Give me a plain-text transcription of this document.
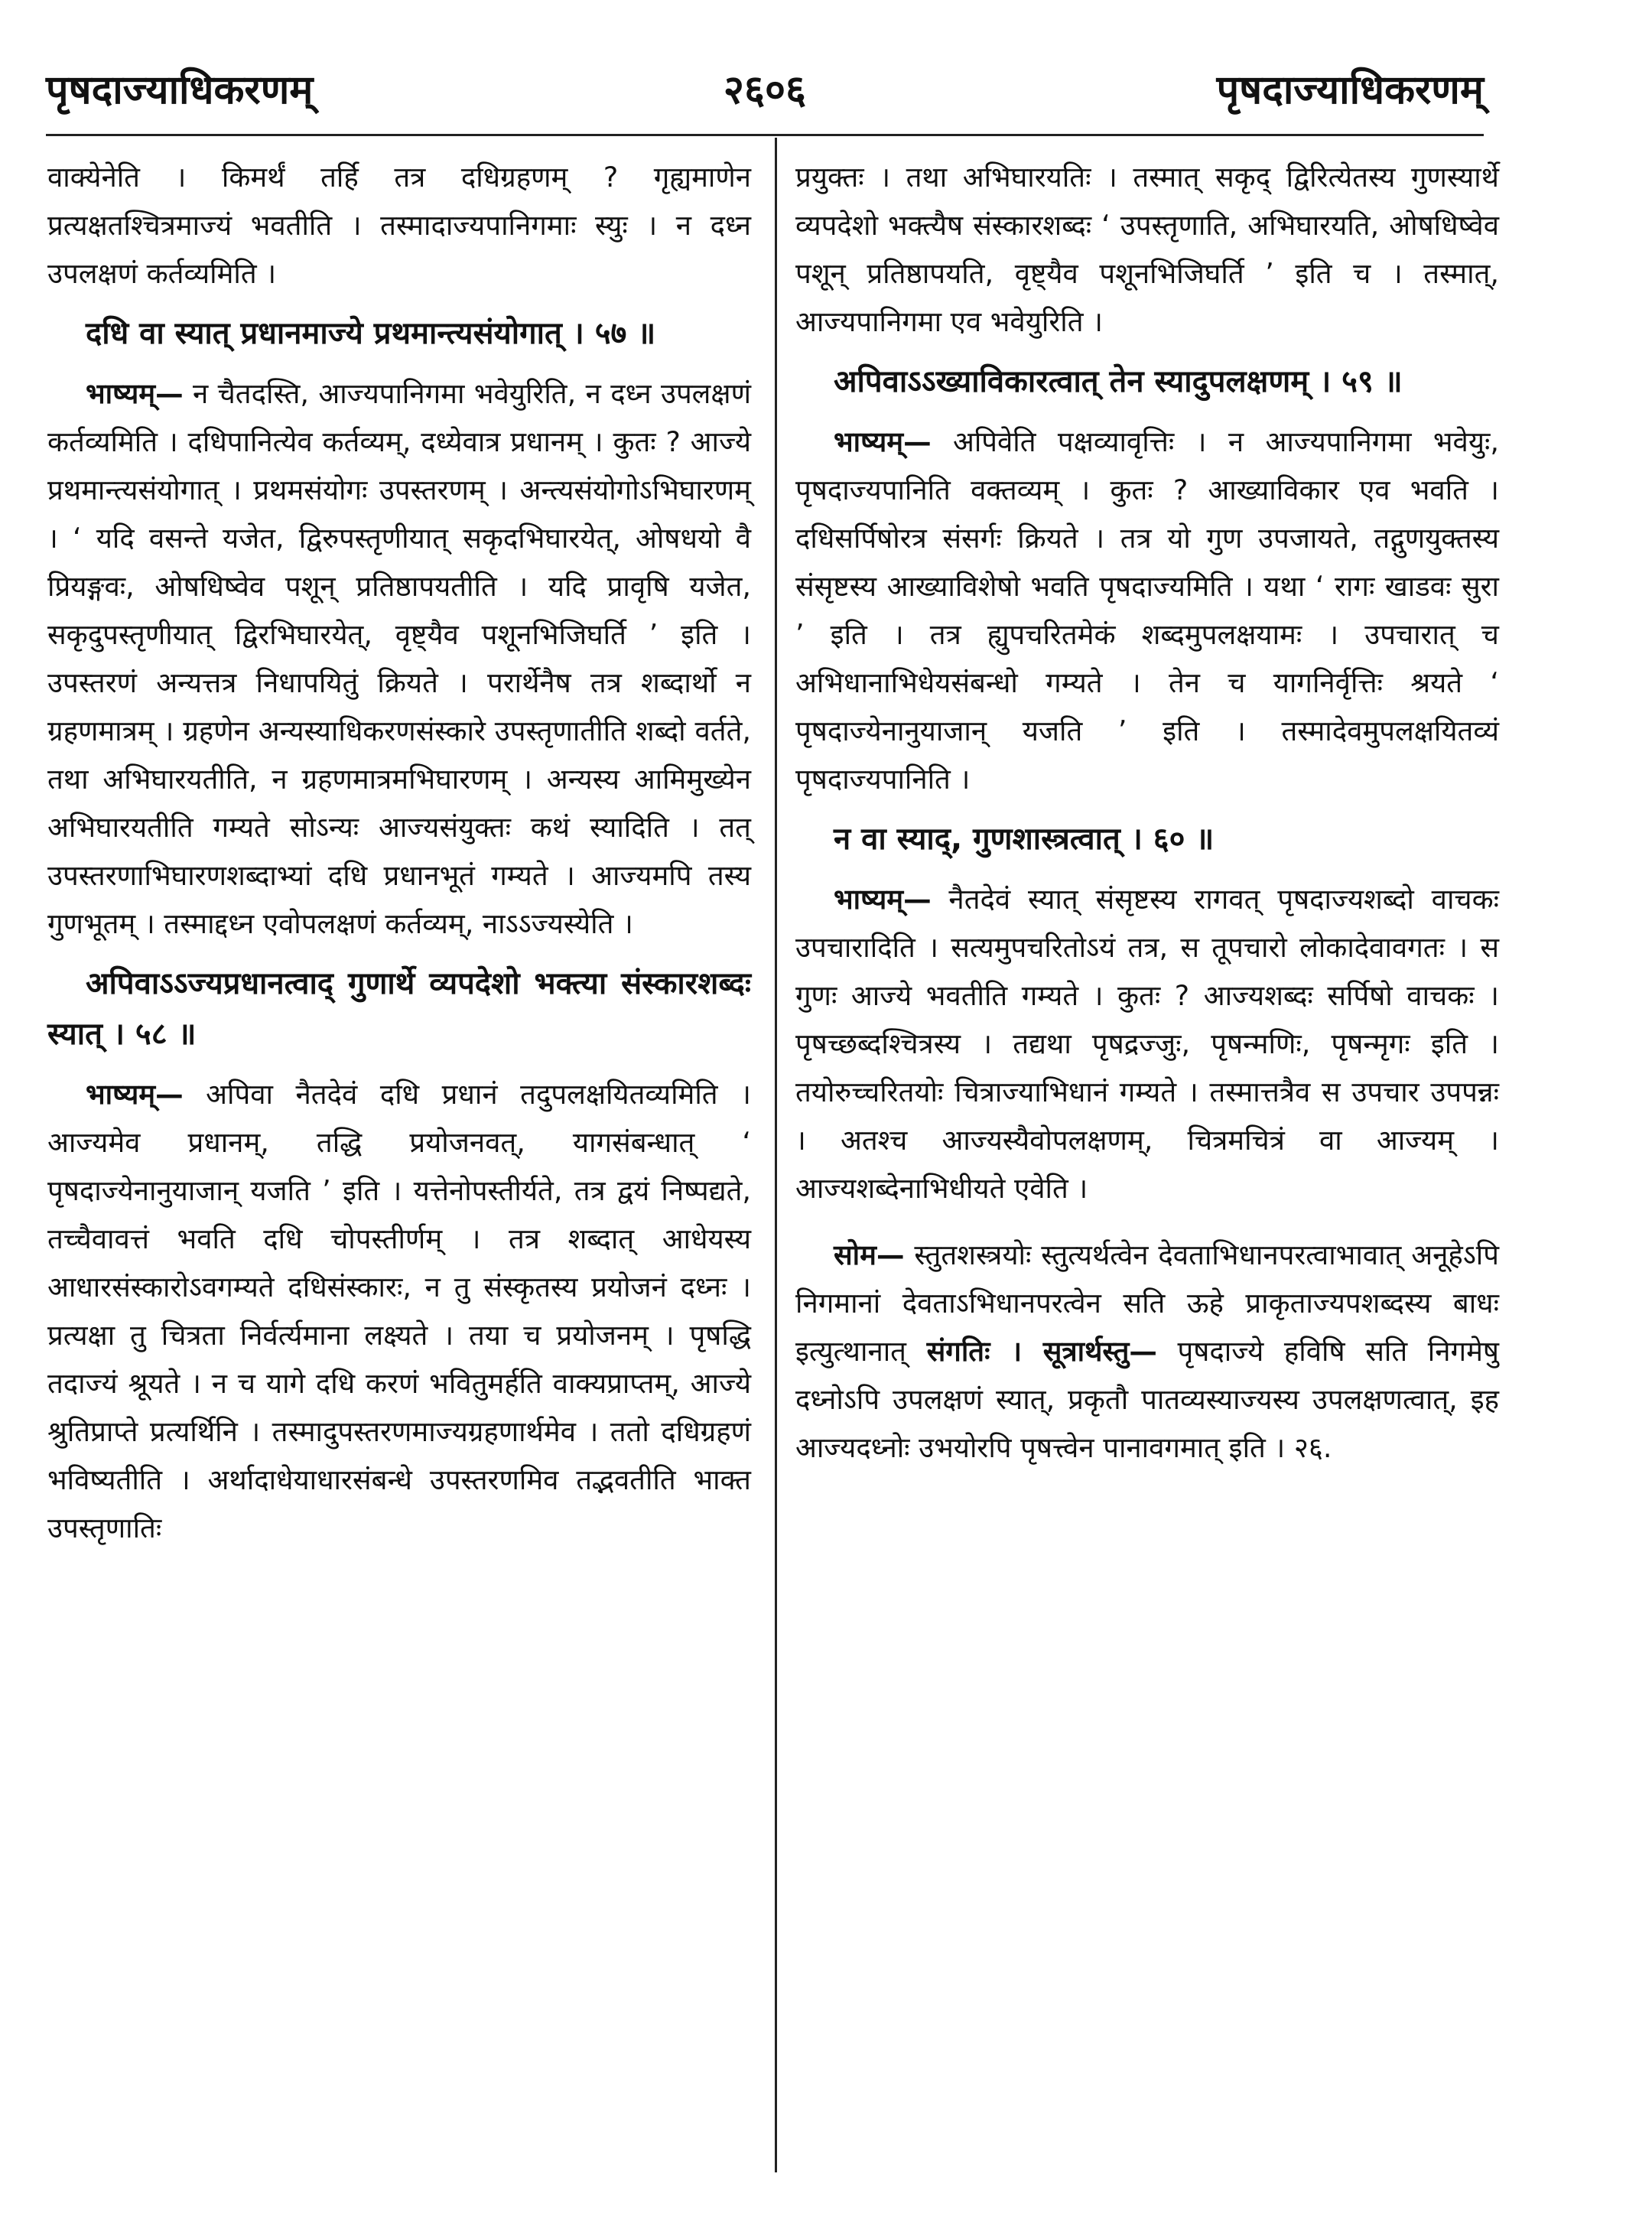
पृषदाज्याधिकरणम्	२६०६	पृषदाज्याधिकरणम्

वाक्येनेति । किमर्थं तर्हि तत्र दधिग्रहणम् ? गृह्यमाणेन प्रत्यक्षतश्चित्रमाज्यं भवतीति । तस्मादाज्यपानिगमाः स्युः । न दध्न उपलक्षणं कर्तव्यमिति ।

दधि वा स्यात् प्रधानमाज्ये प्रथमान्त्यसंयोगात् । ५७ ॥

भाष्यम्— न चैतदस्ति, आज्यपानिगमा भवेयुरिति, न दध्न उपलक्षणं कर्तव्यमिति । दधिपानित्येव कर्तव्यम्, दध्येवात्र प्रधानम् । कुतः ? आज्ये प्रथमान्त्यसंयोगात् । प्रथमसंयोगः उपस्तरणम् । अन्त्यसंयोगोऽभिघारणम् । ‘ यदि वसन्ते यजेत, द्विरुपस्तृणीयात् सकृदभिघारयेत्, ओषधयो वै प्रियङ्गवः, ओषधिष्वेव पशून् प्रतिष्ठापयतीति । यदि प्रावृषि यजेत, सकृदुपस्तृणीयात् द्विरभिघारयेत्, वृष्ट्यैव पशूनभिजिघर्ति ’ इति । उपस्तरणं अन्यत्तत्र निधापयितुं क्रियते । परार्थेनैष तत्र शब्दार्थो न ग्रहणमात्रम् । ग्रहणेन अन्यस्याधिकरणसंस्कारे उपस्तृणातीति शब्दो वर्तते, तथा अभिघारयतीति, न ग्रहणमात्रमभिघारणम् । अन्यस्य आमिमुख्येन अभिघारयतीति गम्यते सोऽन्यः आज्यसंयुक्तः कथं स्यादिति । तत् उपस्तरणाभिघारणशब्दाभ्यां दधि प्रधानभूतं गम्यते । आज्यमपि तस्य गुणभूतम् । तस्माद्दध्न एवोपलक्षणं कर्तव्यम्, नाऽऽज्यस्येति ।

अपिवाऽऽज्यप्रधानत्वाद् गुणार्थे व्यपदेशो भक्त्या संस्कारशब्दः स्यात् । ५८ ॥

भाष्यम्— अपिवा नैतदेवं दधि प्रधानं तदुपलक्षयितव्यमिति । आज्यमेव प्रधानम्, तद्धि प्रयोजनवत्, यागसंबन्धात् ‘ पृषदाज्येनानुयाजान् यजति ’ इति । यत्तेनोपस्तीर्यते, तत्र द्वयं निष्पद्यते, तच्चैवावत्तं भवति दधि चोपस्तीर्णम् । तत्र शब्दात् आधेयस्य आधारसंस्कारोऽवगम्यते दधिसंस्कारः, न तु संस्कृतस्य प्रयोजनं दध्नः । प्रत्यक्षा तु चित्रता निर्वर्त्यमाना लक्ष्यते । तया च प्रयोजनम् । पृषद्धि तदाज्यं श्रूयते । न च यागे दधि करणं भवितुमर्हति वाक्यप्राप्तम्, आज्ये श्रुतिप्राप्ते प्रत्यर्थिनि । तस्मादुपस्तरणमाज्यग्रहणार्थमेव । ततो दधिग्रहणं भविष्यतीति । अर्थादाधेयाधारसंबन्धे उपस्तरणमिव तद्भवतीति भाक्त उपस्तृणातिः

प्रयुक्तः । तथा अभिघारयतिः । तस्मात् सकृद् द्विरित्येतस्य गुणस्यार्थे व्यपदेशो भक्त्यैष संस्कारशब्दः ‘ उपस्तृणाति, अभिघारयति, ओषधिष्वेव पशून् प्रतिष्ठापयति, वृष्ट्यैव पशूनभिजिघर्ति ’ इति च । तस्मात्, आज्यपानिगमा एव भवेयुरिति ।

अपिवाऽऽख्याविकारत्वात् तेन स्यादुपलक्षणम् । ५९ ॥

भाष्यम्— अपिवेति पक्षव्यावृत्तिः । न आज्यपानिगमा भवेयुः, पृषदाज्यपानिति वक्तव्यम् । कुतः ? आख्याविकार एव भवति । दधिसर्पिषोरत्र संसर्गः क्रियते । तत्र यो गुण उपजायते, तद्गुणयुक्तस्य संसृष्टस्य आख्याविशेषो भवति पृषदाज्यमिति । यथा ‘ रागः खाडवः सुरा ’ इति । तत्र ह्युपचरितमेकं शब्दमुपलक्षयामः । उपचारात् च अभिधानाभिधेयसंबन्धो गम्यते । तेन च यागनिर्वृत्तिः श्रयते ‘ पृषदाज्येनानुयाजान् यजति ’ इति । तस्मादेवमुपलक्षयितव्यं पृषदाज्यपानिति ।

न वा स्याद्, गुणशास्त्रत्वात् । ६० ॥

भाष्यम्— नैतदेवं स्यात् संसृष्टस्य रागवत् पृषदाज्यशब्दो वाचकः उपचारादिति । सत्यमुपचरितोऽयं तत्र, स तूपचारो लोकादेवावगतः । स गुणः आज्ये भवतीति गम्यते । कुतः ? आज्यशब्दः सर्पिषो वाचकः । पृषच्छब्दश्चित्रस्य । तद्यथा पृषद्रज्जुः, पृषन्मणिः, पृषन्मृगः इति । तयोरुच्चरितयोः चित्राज्याभिधानं गम्यते । तस्मात्तत्रैव स उपचार उपपन्नः । अतश्च आज्यस्यैवोपलक्षणम्, चित्रमचित्रं वा आज्यम् । आज्यशब्देनाभिधीयते एवेति ।

सोम— स्तुतशस्त्रयोः स्तुत्यर्थत्वेन देवताभिधानपरत्वाभावात् अनूहेऽपि निगमानां देवताऽभिधानपरत्वेन सति ऊहे प्राकृताज्यपशब्दस्य बाधः इत्युत्थानात् संगतिः । सूत्रार्थस्तु— पृषदाज्ये हविषि सति निगमेषु दध्नोऽपि उपलक्षणं स्यात्, प्रकृतौ पातव्यस्याज्यस्य उपलक्षणत्वात्, इह आज्यदध्नोः उभयोरपि पृषत्त्वेन पानावगमात् इति । २६.
